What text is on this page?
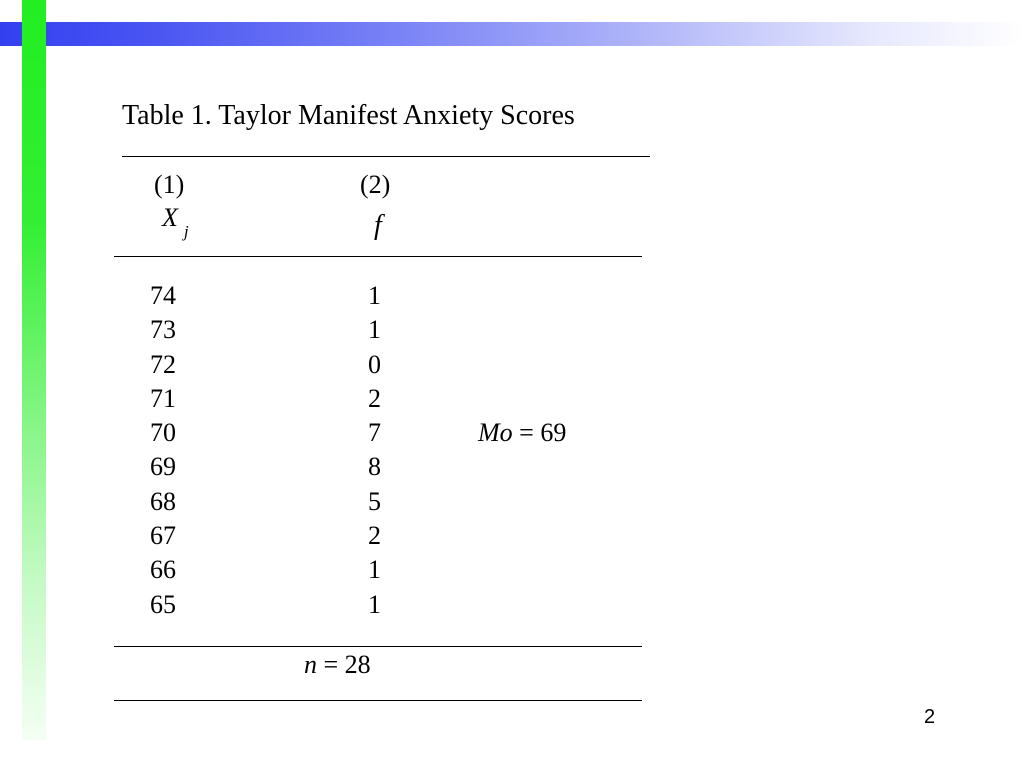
Table 1. Taylor Manifest Anxiety Scores
(1)	(2)
X $_j$	f
74
73
72
71
70
69
68
67
66
65
1
1
0
2
7
8
5
2
1
1
Mo = 69
n = 28
2
